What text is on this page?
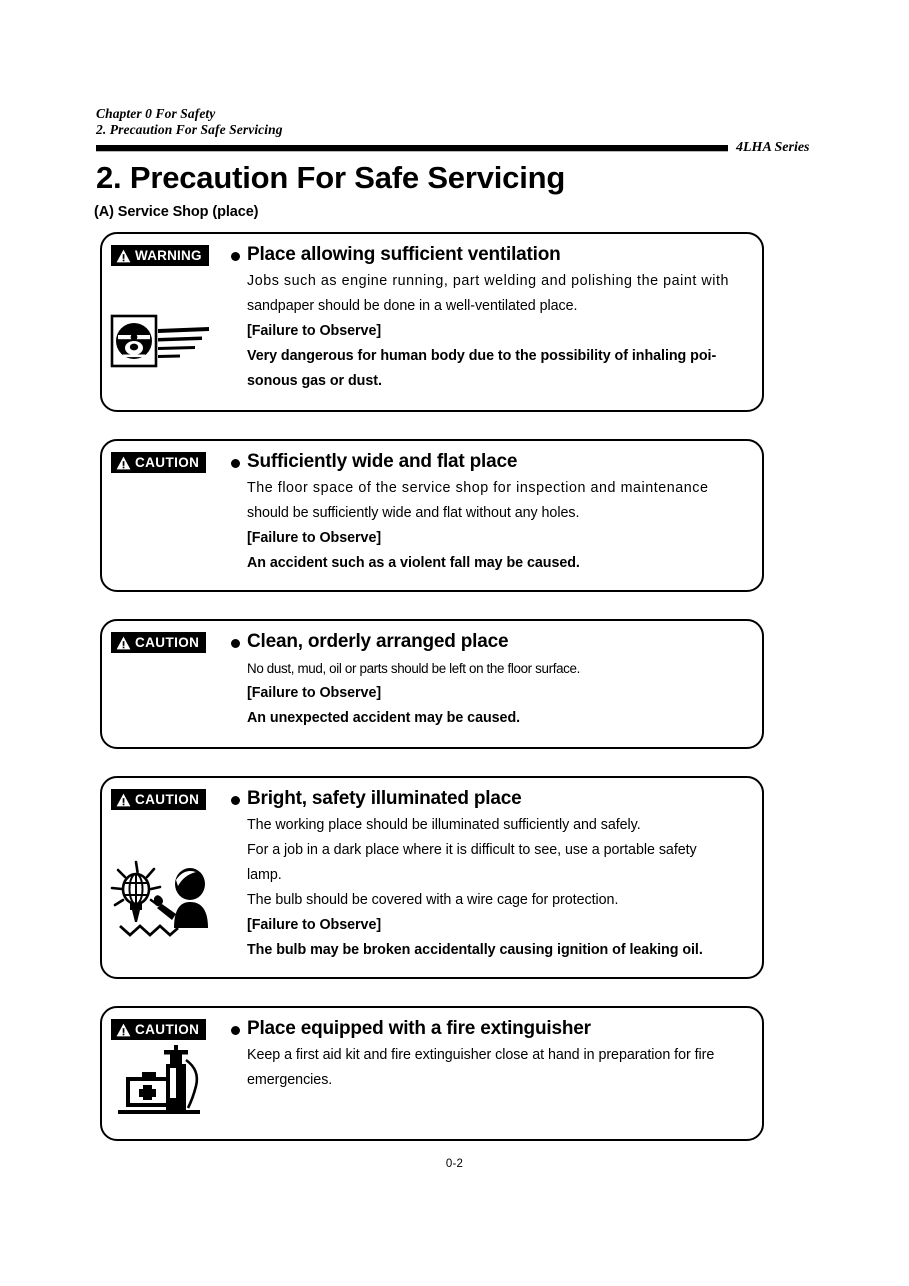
Chapter 0 For Safety
2. Precaution For Safe Servicing
4LHA Series
2. Precaution For Safe Servicing
(A) Service Shop (place)
WARNING Place allowing sufficient ventilation
Jobs such as engine running, part welding and polishing the paint with
sandpaper should be done in a well-ventilated place.
[Failure to Observe]
Very dangerous for human body due to the possibility of inhaling poi-
sonous gas or dust.
CAUTION	Sufficiently wide and flat place
The floor space of the service shop for inspection and maintenance
should be sufficiently wide and flat without any holes.
[Failure to Observe]
An accident such as a violent fall may be caused.
CAUTION	Clean, orderly arranged place
No dust, mud, oil or parts should be left on the floor surface.
[Failure to Observe]
An unexpected accident may be caused.
CAUTION	Bright, safety illuminated place
The working place should be illuminated sufficiently and safely.
For a job in a dark place where it is difficult to see, use a portable safety
lamp.
The bulb should be covered with a wire cage for protection.
[Failure to Observe]
The bulb may be broken accidentally causing ignition of leaking oil.
CAUTION	Place equipped with a fire extinguisher
Keep a first aid kit and fire extinguisher close at hand in preparation for fire
emergencies.
0-2
